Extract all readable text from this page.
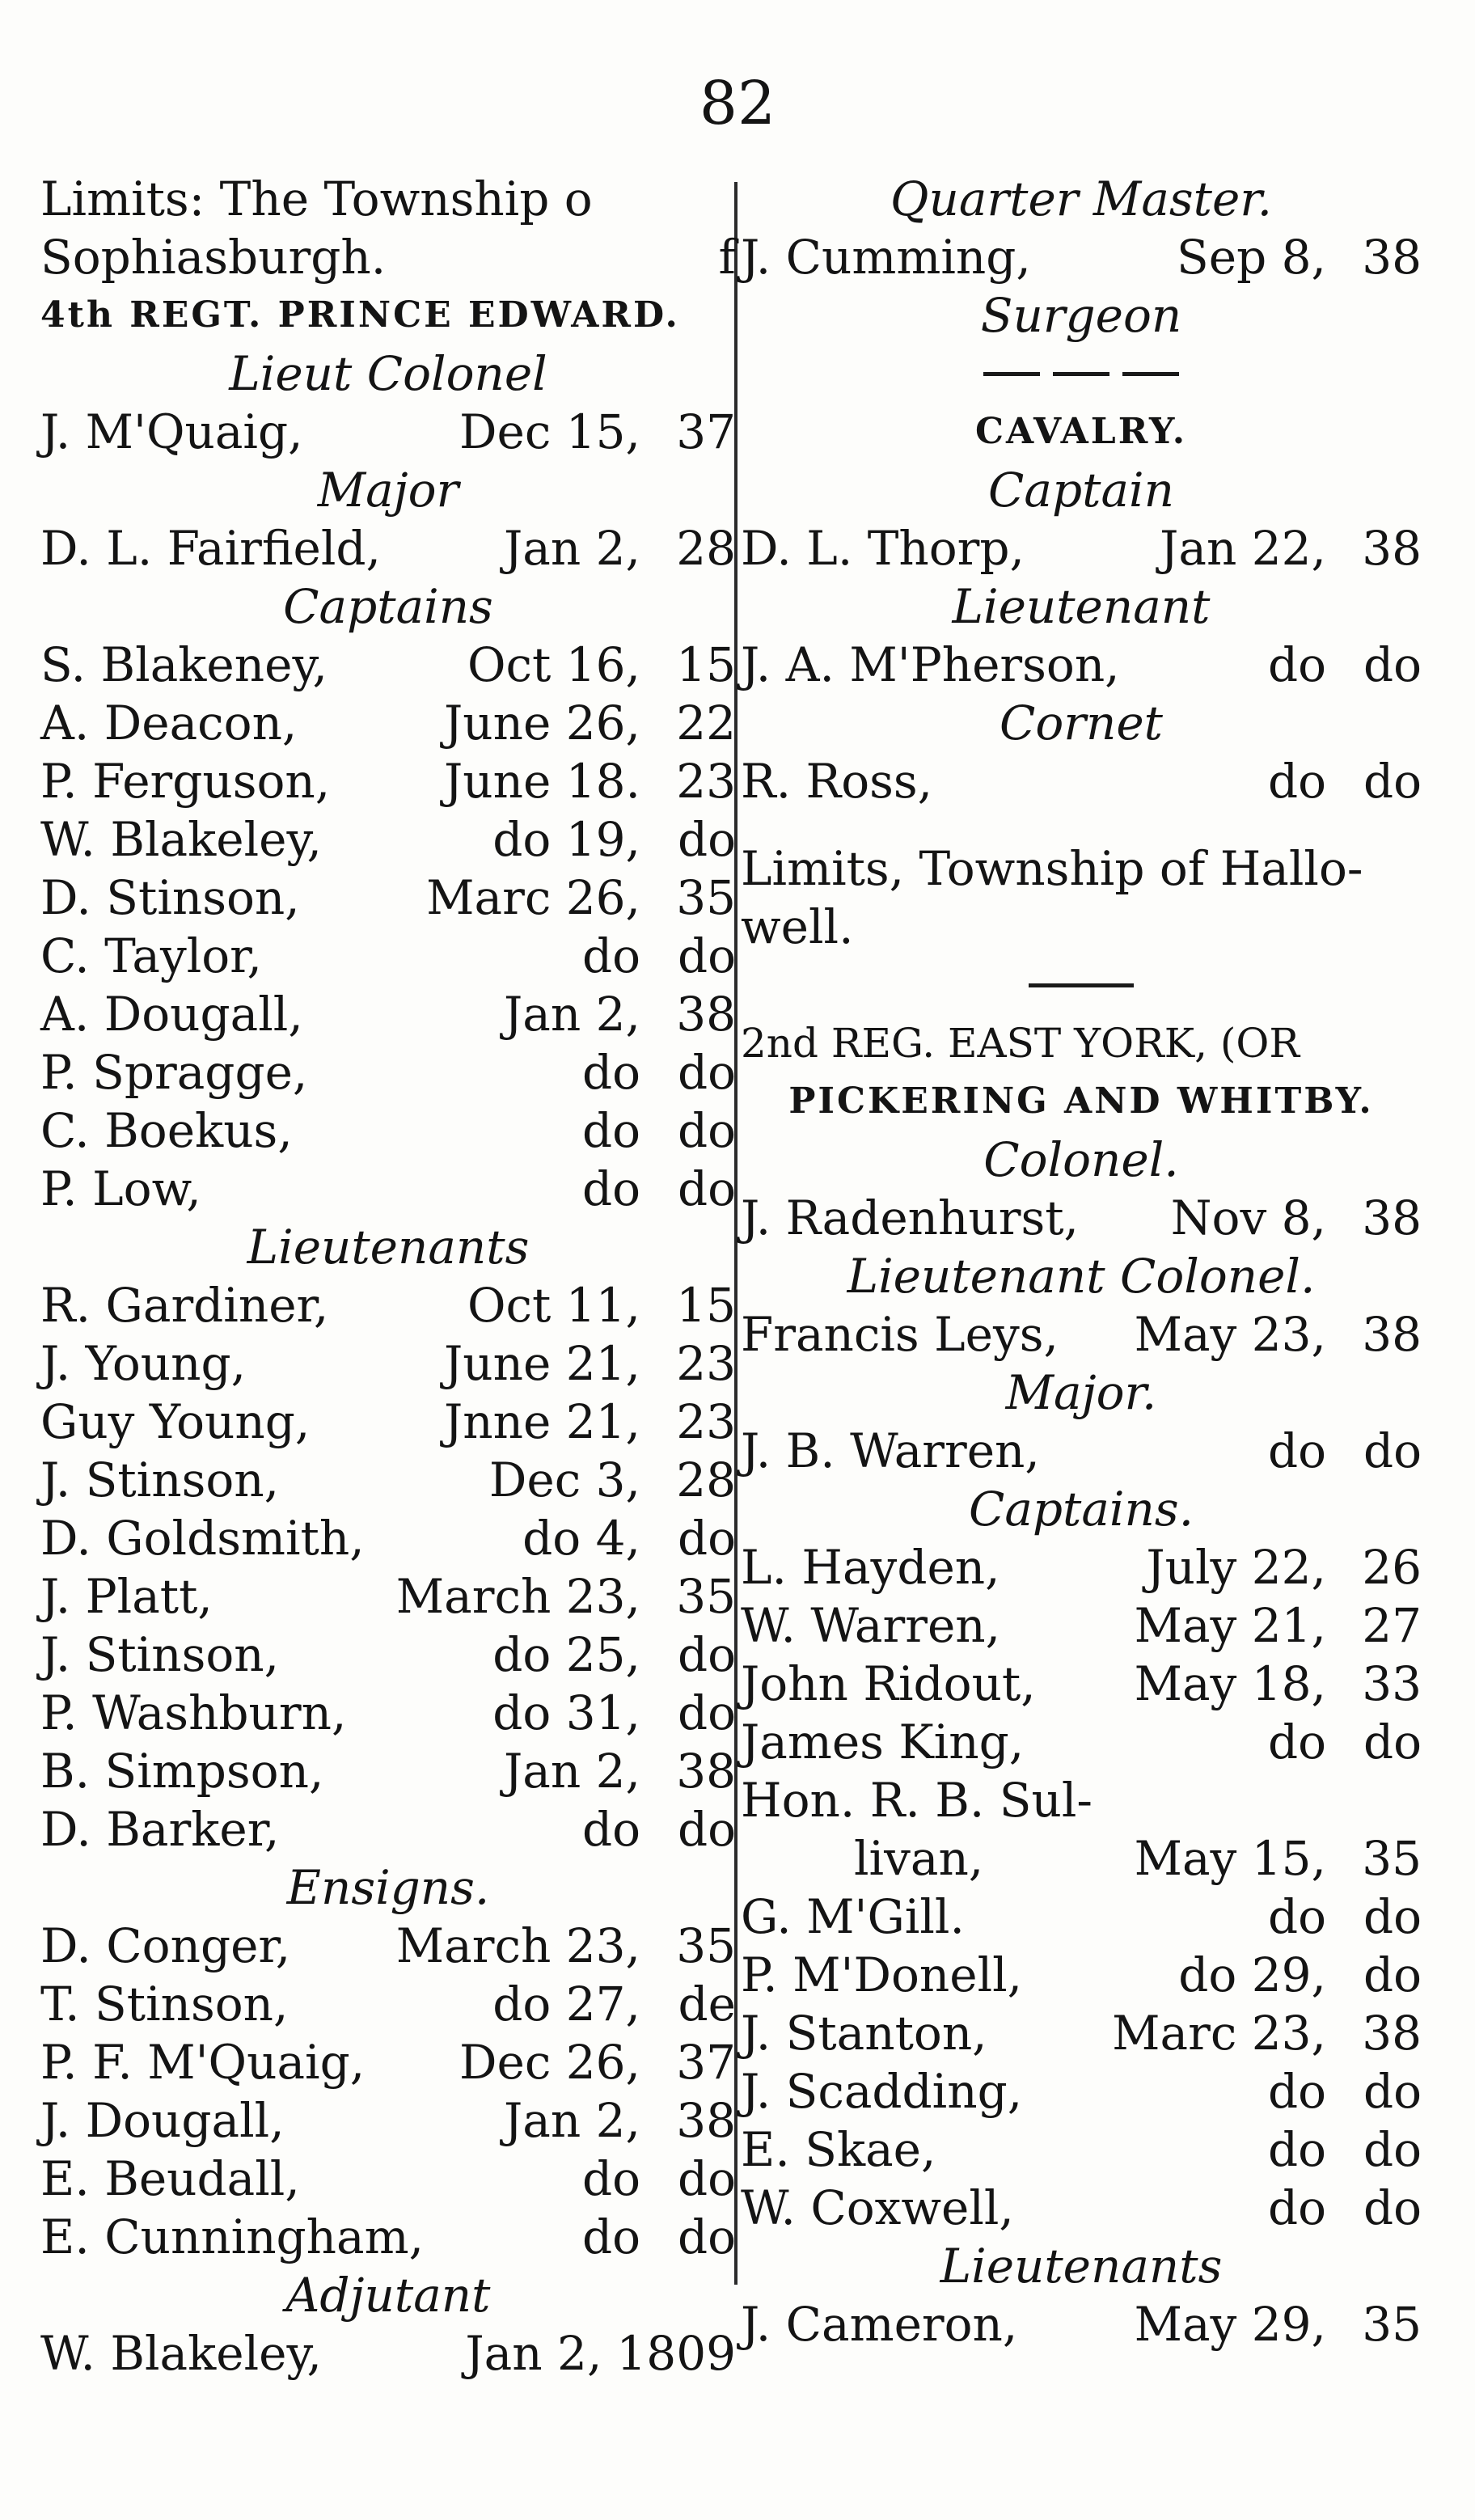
82
Limits: The Township o
Sophiasburgh.	f
4th REGT. PRINCE EDWARD.
Lieut Colonel
J. M'Quaig,	Dec 15, 37
Major
D. L. Fairfield,	Jan 2, 28
Captains
S. Blakeney,	Oct 16, 15
A. Deacon,	June 26, 22
P. Ferguson,	June 18. 23
W. Blakeley,	do 19, do
D. Stinson,	Marc 26, 35
C. Taylor,	do do
A. Dougall,	Jan 2, 38
P. Spragge,	do do
C. Boekus,	do do
P. Low,	do do
Lieutenants
R. Gardiner,	Oct 11, 15
J. Young,	June 21, 23
Guy Young,	Jnne 21, 23
J. Stinson,	Dec 3, 28
D. Goldsmith,	do 4, do
J. Platt,	March 23, 35
J. Stinson,	do 25, do
P. Washburn,	do 31, do
B. Simpson,	Jan 2, 38
D. Barker,	do do
Ensigns.
D. Conger,	March 23, 35
T. Stinson,	do 27, de
P. F. M'Quaig,	Dec 26, 37
J. Dougall,	Jan 2, 38
E. Beudall,	do do
E. Cunningham,	do do
Adjutant
W. Blakeley,	Jan 2, 1809
Quarter Master.
J. Cumming,	Sep 8, 38
Surgeon
CAVALRY.
Captain
D. L. Thorp,	Jan 22, 38
Lieutenant
J. A. M'Pherson,	do do
Cornet
R. Ross,	do do
Limits, Township of Hallo- well.
2nd REG. EAST YORK, (OR
PICKERING AND WHITBY.
Colonel.
J. Radenhurst,	Nov 8, 38
Lieutenant Colonel.
Francis Leys,	May 23, 38
Major.
J. B. Warren,	do do
Captains.
L. Hayden,	July 22, 26
W. Warren,	May 21, 27
John Ridout,	May 18, 33
James King,	do do
Hon. R. B. Sul-
livan,	May 15, 35
G. M'Gill.	do do
P. M'Donell,	do 29, do
J. Stanton,	Marc 23, 38
J. Scadding,	do do
E. Skae,	do do
W. Coxwell,	do do
Lieutenants
J. Cameron,	May 29, 35
